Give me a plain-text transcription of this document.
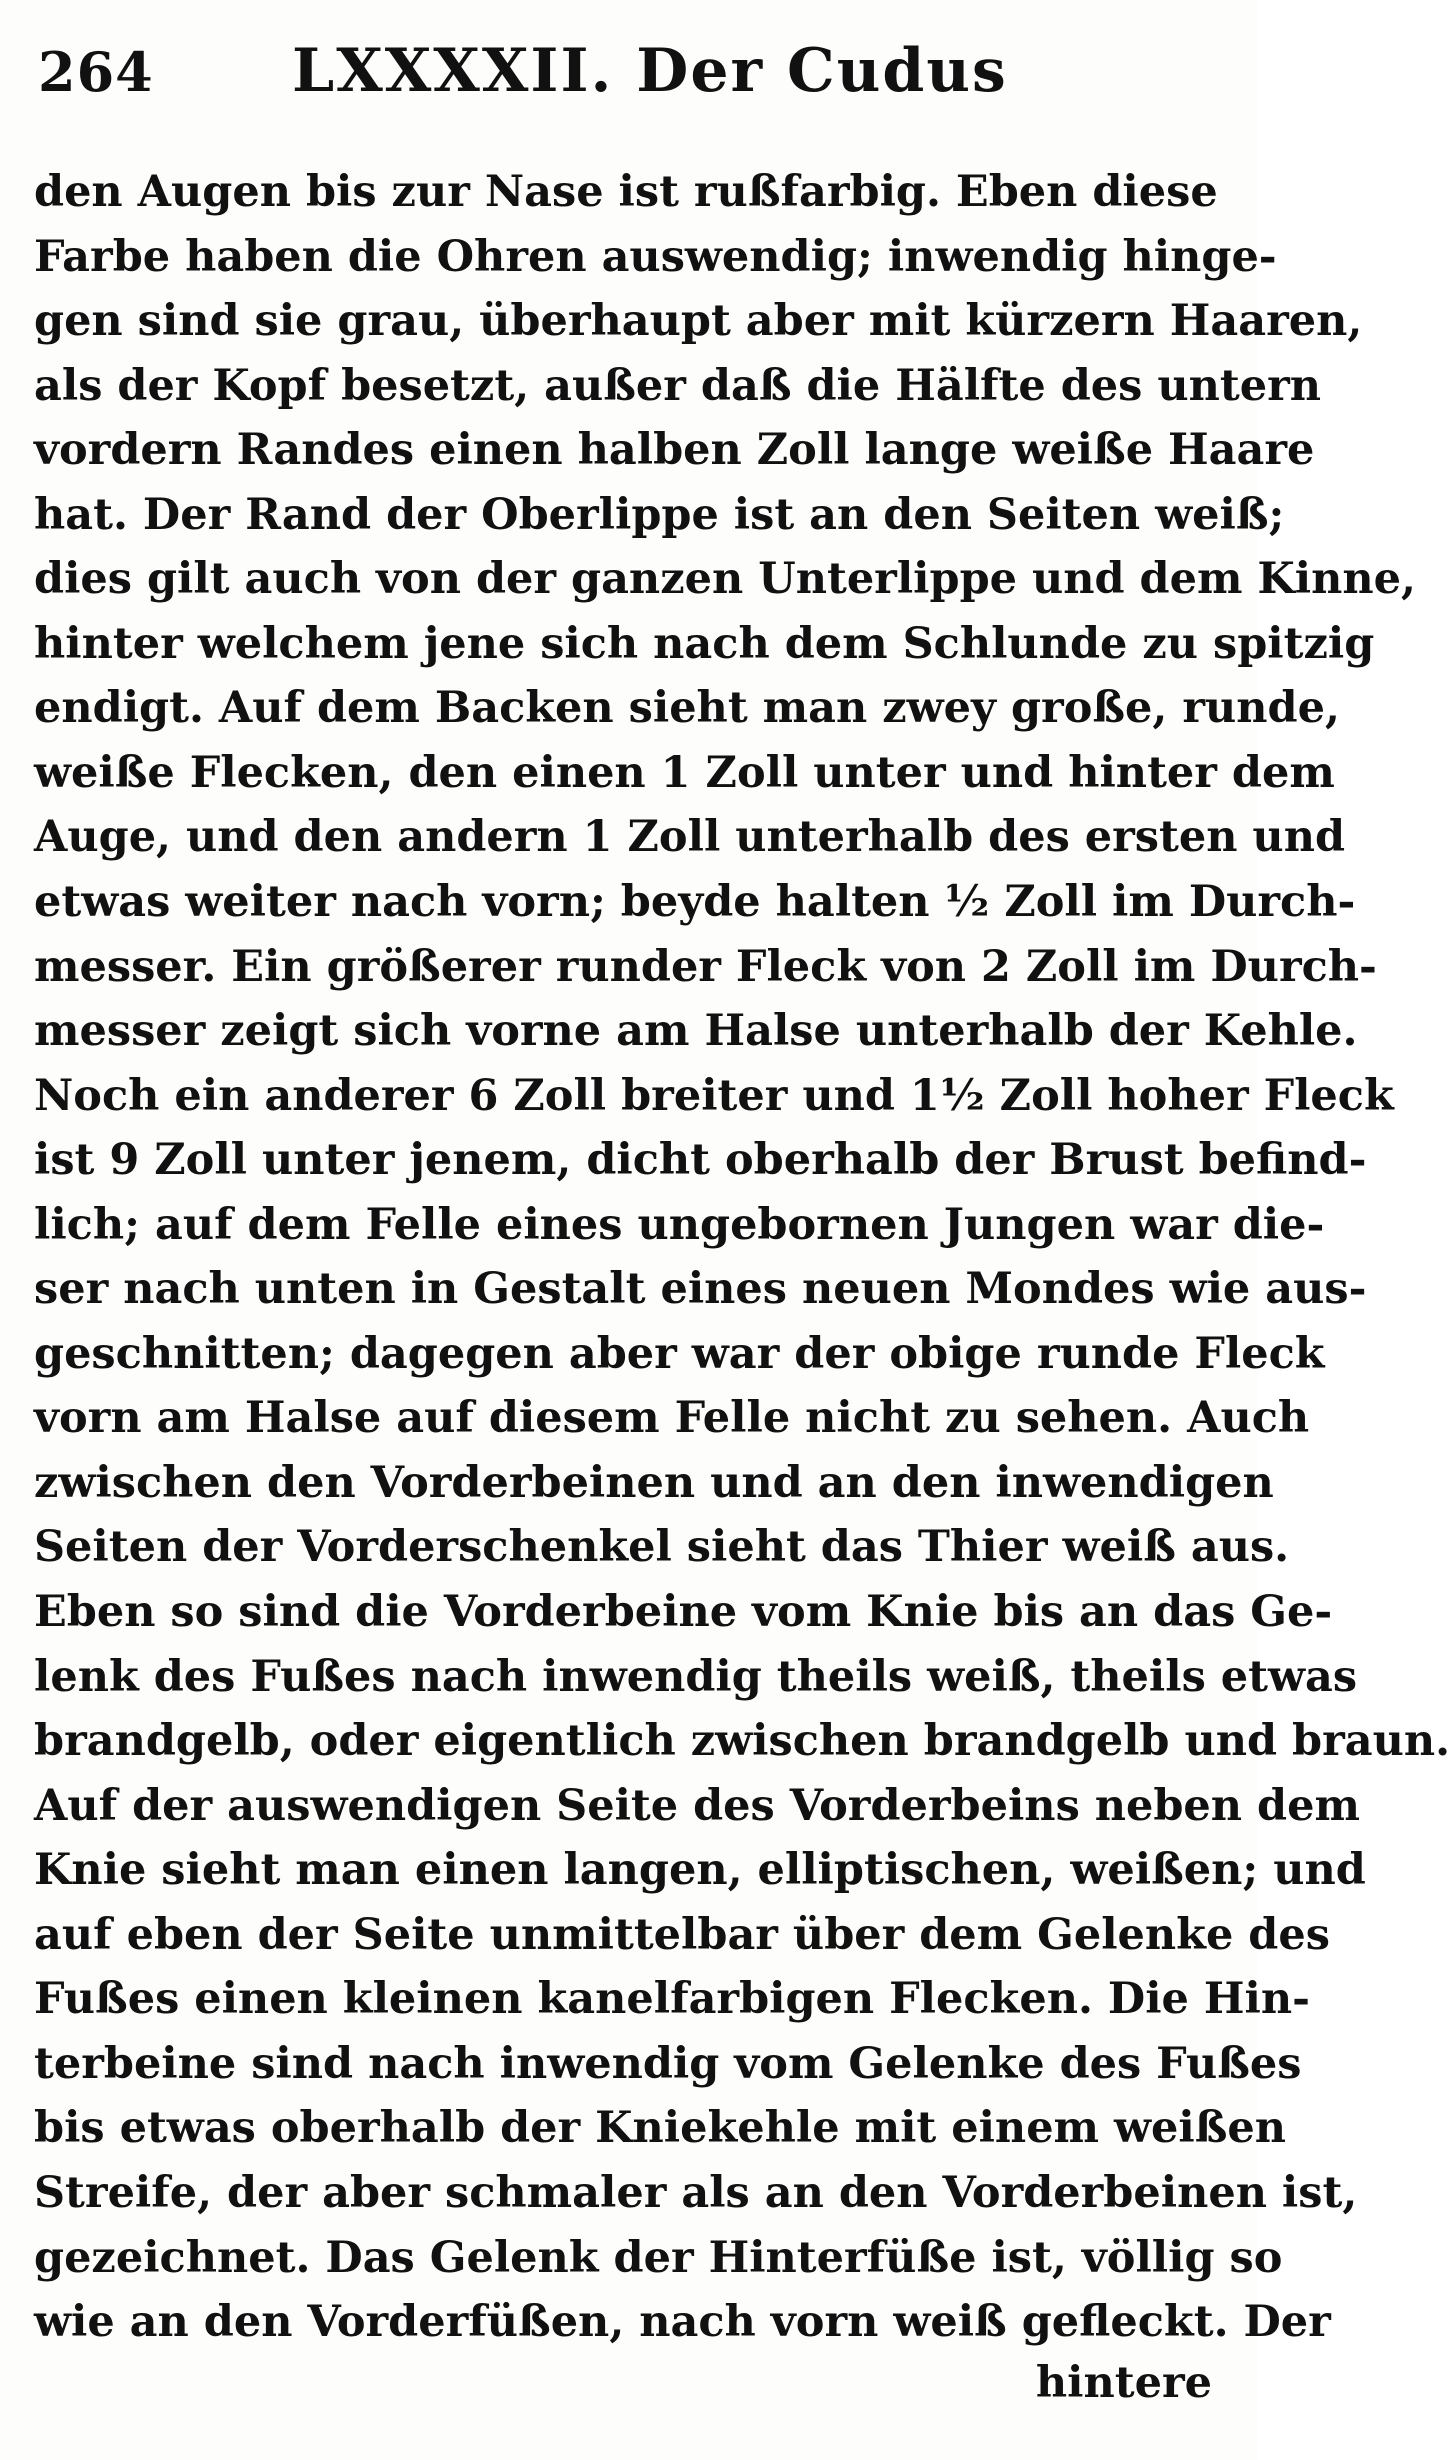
264 LXXXXII. Der Cudus
den Augen bis zur Nase ist rußfarbig. Eben diese
Farbe haben die Ohren auswendig; inwendig hinge-
gen sind sie grau, überhaupt aber mit kürzern Haaren,
als der Kopf besetzt, außer daß die Hälfte des untern
vordern Randes einen halben Zoll lange weiße Haare
hat. Der Rand der Oberlippe ist an den Seiten weiß;
dies gilt auch von der ganzen Unterlippe und dem Kinne,
hinter welchem jene sich nach dem Schlunde zu spitzig
endigt. Auf dem Backen sieht man zwey große, runde,
weiße Flecken, den einen 1 Zoll unter und hinter dem
Auge, und den andern 1 Zoll unterhalb des ersten und
etwas weiter nach vorn; beyde halten ½ Zoll im Durch-
messer. Ein größerer runder Fleck von 2 Zoll im Durch-
messer zeigt sich vorne am Halse unterhalb der Kehle.
Noch ein anderer 6 Zoll breiter und 1½ Zoll hoher Fleck
ist 9 Zoll unter jenem, dicht oberhalb der Brust befind-
lich; auf dem Felle eines ungebornen Jungen war die-
ser nach unten in Gestalt eines neuen Mondes wie aus-
geschnitten; dagegen aber war der obige runde Fleck
vorn am Halse auf diesem Felle nicht zu sehen. Auch
zwischen den Vorderbeinen und an den inwendigen
Seiten der Vorderschenkel sieht das Thier weiß aus.
Eben so sind die Vorderbeine vom Knie bis an das Ge-
lenk des Fußes nach inwendig theils weiß, theils etwas
brandgelb, oder eigentlich zwischen brandgelb und braun.
Auf der auswendigen Seite des Vorderbeins neben dem
Knie sieht man einen langen, elliptischen, weißen; und
auf eben der Seite unmittelbar über dem Gelenke des
Fußes einen kleinen kanelfarbigen Flecken. Die Hin-
terbeine sind nach inwendig vom Gelenke des Fußes
bis etwas oberhalb der Kniekehle mit einem weißen
Streife, der aber schmaler als an den Vorderbeinen ist,
gezeichnet. Das Gelenk der Hinterfüße ist, völlig so
wie an den Vorderfüßen, nach vorn weiß gefleckt. Der
hintere
